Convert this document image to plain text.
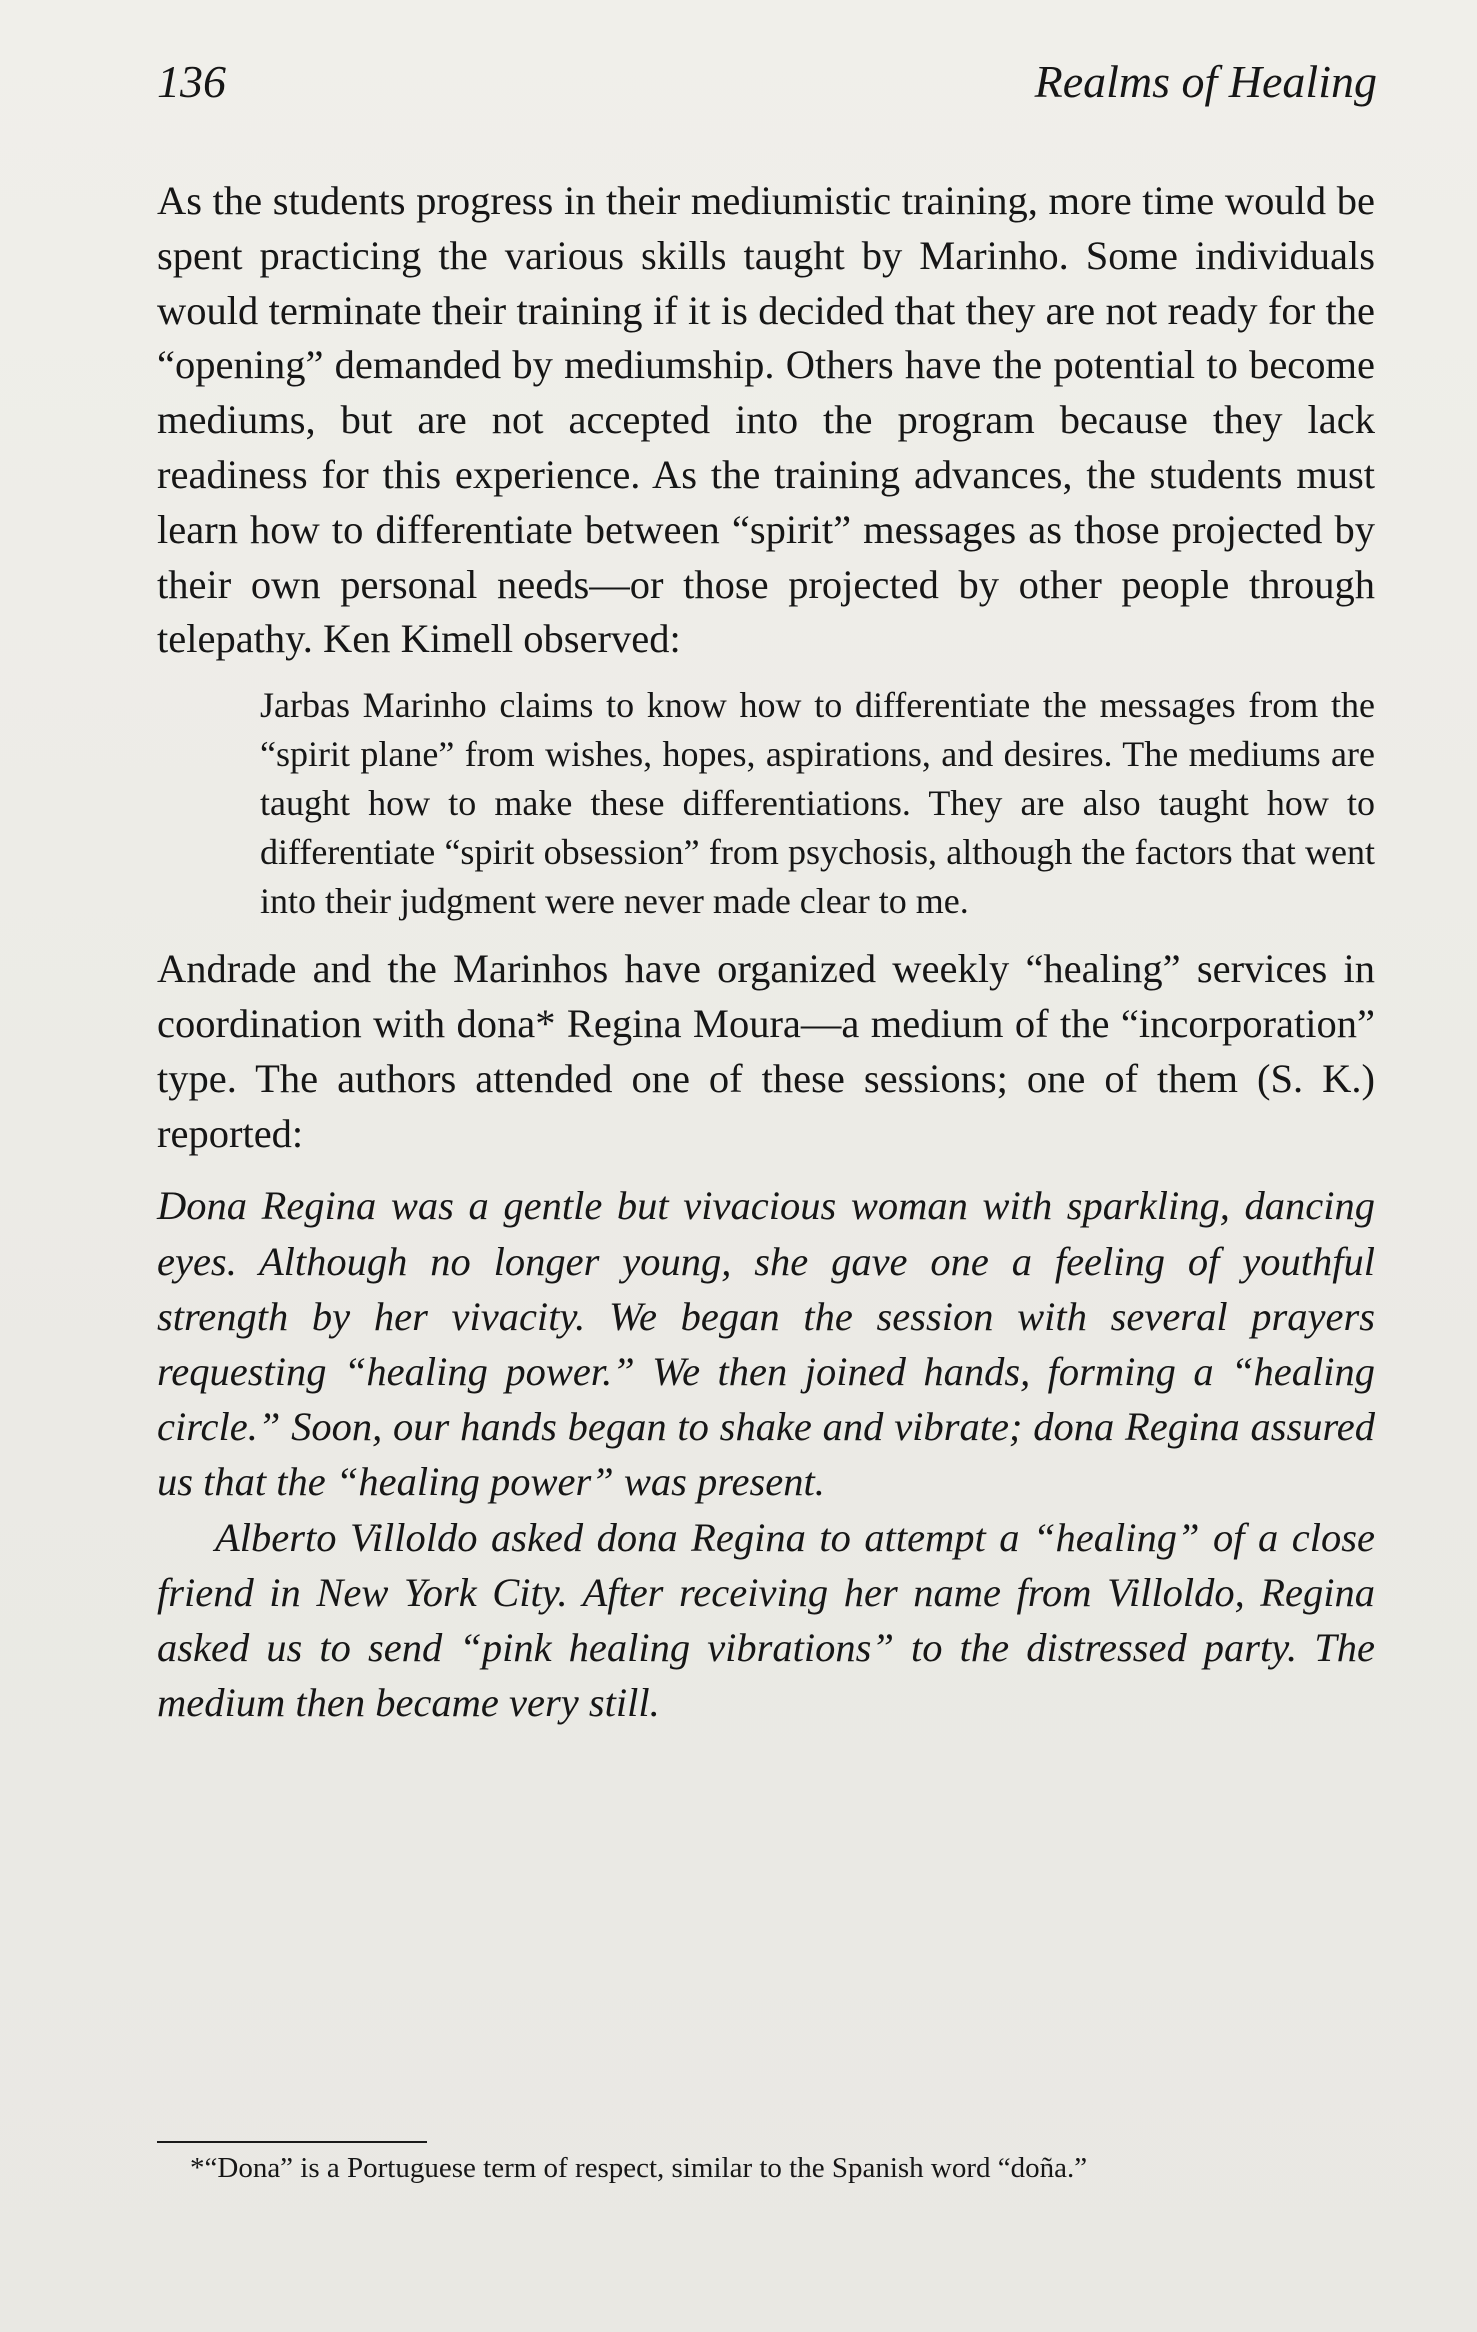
136	Realms of Healing

As the students progress in their mediumistic training, more time would be spent practicing the various skills taught by Marinho. Some individuals would terminate their training if it is decided that they are not ready for the “opening” demanded by mediumship. Others have the potential to become mediums, but are not accepted into the program because they lack readiness for this experience. As the training advances, the students must learn how to differentiate between “spirit” messages as those projected by their own personal needs—or those projected by other people through telepathy. Ken Kimell observed:

Jarbas Marinho claims to know how to differentiate the messages from the “spirit plane” from wishes, hopes, aspirations, and desires. The mediums are taught how to make these differentiations. They are also taught how to differentiate “spirit obsession” from psychosis, although the factors that went into their judgment were never made clear to me.

Andrade and the Marinhos have organized weekly “healing” services in coordination with dona* Regina Moura—a medium of the “incorporation” type. The authors attended one of these sessions; one of them (S. K.) reported:

Dona Regina was a gentle but vivacious woman with sparkling, dancing eyes. Although no longer young, she gave one a feeling of youthful strength by her vivacity. We began the session with several prayers requesting “healing power.” We then joined hands, forming a “healing circle.” Soon, our hands began to shake and vibrate; dona Regina assured us that the “healing power” was present.

Alberto Villoldo asked dona Regina to attempt a “healing” of a close friend in New York City. After receiving her name from Villoldo, Regina asked us to send “pink healing vibrations” to the distressed party. The medium then became very still.

*“Dona” is a Portuguese term of respect, similar to the Spanish word “doña.”
